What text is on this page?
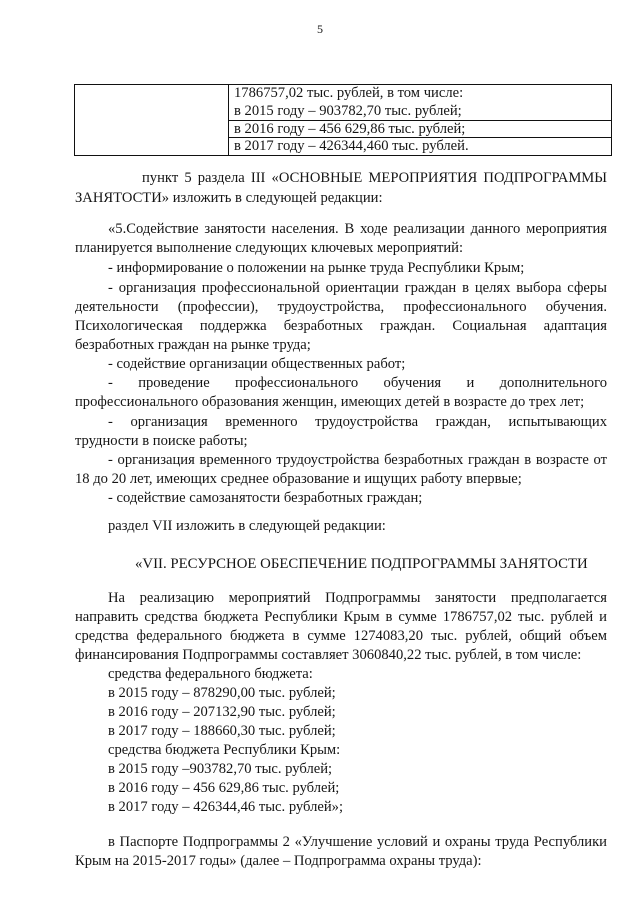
5
1786757,02 тыс. рублей, в том числе:
в 2015 году – 903782,70 тыс. рублей;
в 2016 году – 456 629,86 тыс. рублей;
в 2017 году – 426344,460 тыс. рублей.
пункт 5 раздела III «ОСНОВНЫЕ МЕРОПРИЯТИЯ ПОДПРОГРАММЫ
ЗАНЯТОСТИ» изложить в следующей редакции:
«5.Содействие занятости населения. В ходе реализации данного мероприятия
планируется выполнение следующих ключевых мероприятий:
- информирование о положении на рынке труда Республики Крым;
- организация профессиональной ориентации граждан в целях выбора сферы
деятельности (профессии), трудоустройства, профессионального обучения.
Психологическая поддержка безработных граждан. Социальная адаптация
безработных граждан на рынке труда;
- содействие организации общественных работ;
- проведение профессионального обучения и дополнительного
профессионального образования женщин, имеющих детей в возрасте до трех лет;
- организация временного трудоустройства граждан, испытывающих
трудности в поиске работы;
- организация временного трудоустройства безработных граждан в возрасте от
18 до 20 лет, имеющих среднее образование и ищущих работу впервые;
- содействие самозанятости безработных граждан;
раздел VII изложить в следующей редакции:
«VII. РЕСУРСНОЕ ОБЕСПЕЧЕНИЕ ПОДПРОГРАММЫ ЗАНЯТОСТИ
На реализацию мероприятий Подпрограммы занятости предполагается
направить средства бюджета Республики Крым в сумме 1786757,02 тыс. рублей и
средства федерального бюджета в сумме 1274083,20 тыс. рублей, общий объем
финансирования Подпрограммы составляет 3060840,22 тыс. рублей, в том числе:
средства федерального бюджета:
в 2015 году – 878290,00 тыс. рублей;
в 2016 году – 207132,90 тыс. рублей;
в 2017 году – 188660,30 тыс. рублей;
средства бюджета Республики Крым:
в 2015 году –903782,70 тыс. рублей;
в 2016 году – 456 629,86 тыс. рублей;
в 2017 году – 426344,46 тыс. рублей»;
в Паспорте Подпрограммы 2 «Улучшение условий и охраны труда Республики
Крым на 2015-2017 годы» (далее – Подпрограмма охраны труда):
